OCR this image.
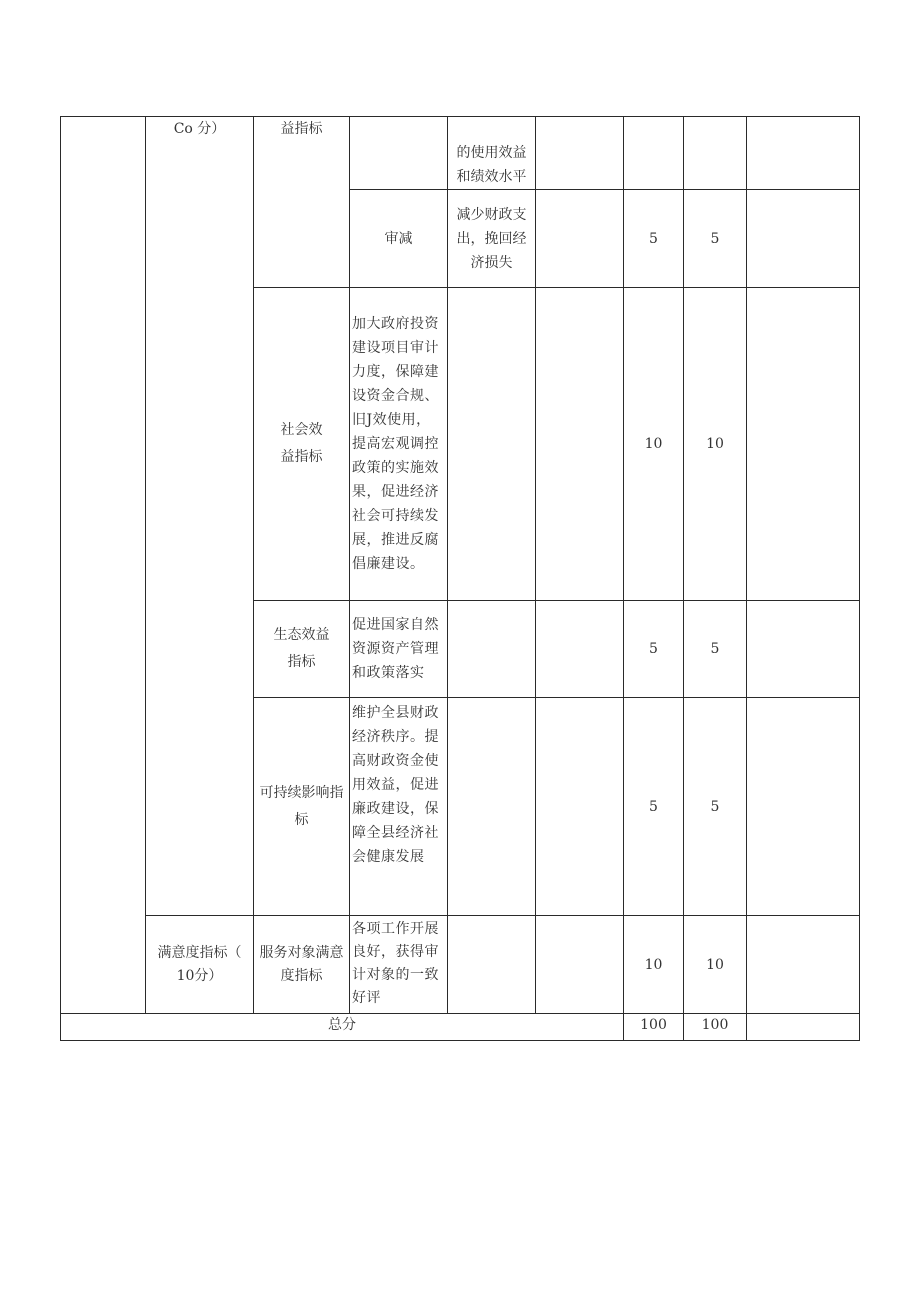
Co 分）
满意度指标（
10分）
益指标
社会效
益指标
生态效益
指标
可持续影响指
标
服务对象满意
度指标
审减
加大政府投资建设项目审计力度，保障建设资金合规、旧J效使用，提高宏观调控政策的实施效果，促进经济社会可持续发展，推进反腐倡廉建设。
促进国家自然资源资产管理和政策落实
维护全县财政经济秩序。提高财政资金使用效益，促进廉政建设，保障全县经济社会健康发展
各项工作开展良好，获得审计对象的一致好评
的使用效益
和绩效水平
减少财政支
出，挽回经
济损失
5
10
5
5
10
5
10
5
5
10
总分	100 100
